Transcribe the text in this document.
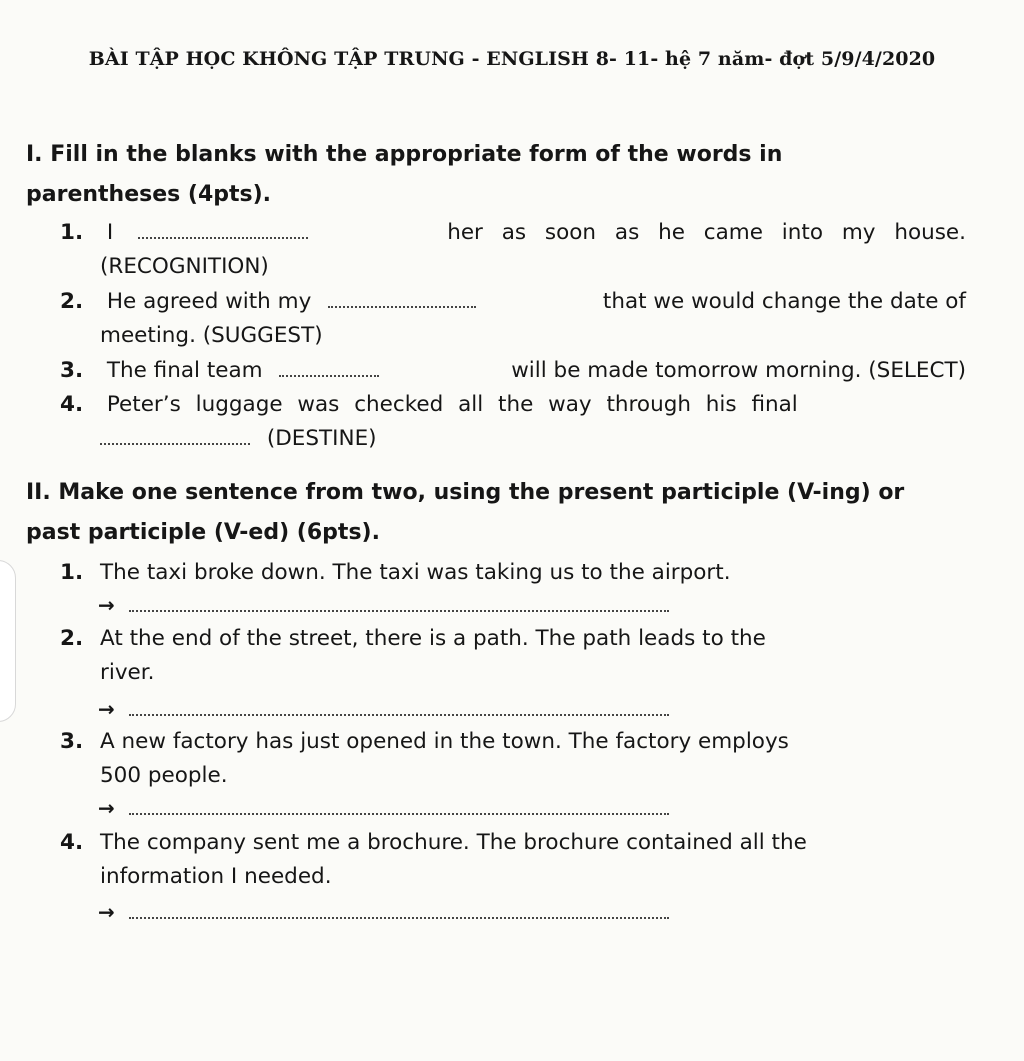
BÀI TẬP HỌC KHÔNG TẬP TRUNG - ENGLISH 8- 11- hệ 7 năm- đợt 5/9/4/2020
I. Fill in the blanks with the appropriate form of the words in
parentheses (4pts).
1. I	her as soon as he came into my house.
(RECOGNITION)
2. He agreed with my	that we would change the date of
meeting. (SUGGEST)
3. The final team	will be made tomorrow morning. (SELECT)
4. Peter’s luggage was checked all the way through his final
(DESTINE)
II. Make one sentence from two, using the present participle (V-ing) or
past participle (V-ed) (6pts).
1. The taxi broke down. The taxi was taking us to the airport.
→
2. At the end of the street, there is a path. The path leads to the
river.
→
3. A new factory has just opened in the town. The factory employs
500 people.
→
4. The company sent me a brochure. The brochure contained all the
information I needed.
→
